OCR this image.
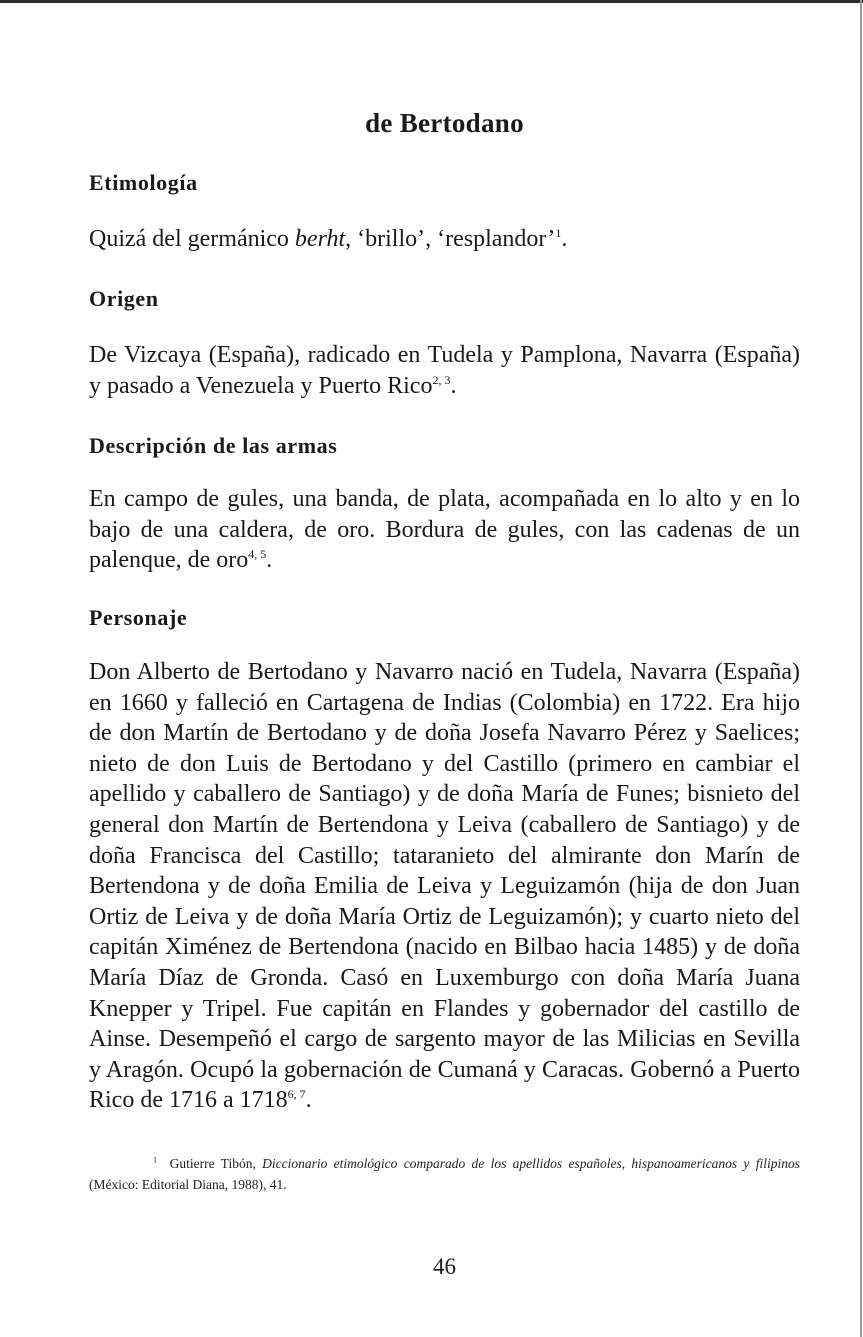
de Bertodano
Etimología
Quizá del germánico berht, ‘brillo’, ‘resplandor’$^1$.
Origen
De Vizcaya (España), radicado en Tudela y Pamplona, Navarra (España) y pasado a Venezuela y Puerto Rico$^{2, 3}$.
Descripción de las armas
En campo de gules, una banda, de plata, acompañada en lo alto y en lo bajo de una caldera, de oro. Bordura de gules, con las cadenas de un palenque, de oro$^{4, 5}$.
Personaje
Don Alberto de Bertodano y Navarro nació en Tudela, Navarra (España) en 1660 y falleció en Cartagena de Indias (Colombia) en 1722. Era hijo de don Martín de Bertodano y de doña Josefa Navarro Pérez y Saelices; nieto de don Luis de Bertodano y del Castillo (primero en cambiar el apellido y caballero de Santiago) y de doña María de Funes; bisnieto del general don Martín de Bertendona y Leiva (caballero de Santiago) y de doña Francisca del Castillo; tataranieto del almirante don Marín de Bertendona y de doña Emilia de Leiva y Leguizamón (hija de don Juan Ortiz de Leiva y de doña María Ortiz de Leguizamón); y cuarto nieto del capitán Ximénez de Bertendona (nacido en Bilbao hacia 1485) y de doña María Díaz de Gronda. Casó en Luxemburgo con doña María Juana Knepper y Tripel. Fue capitán en Flandes y gobernador del castillo de Ainse. Desempeñó el cargo de sargento mayor de las Milicias en Sevilla y Aragón. Ocupó la gobernación de Cumaná y Caracas. Gobernó a Puerto Rico de 1716 a 1718$^{6, 7}$.
$^1$ Gutierre Tibón, Diccionario etimológico comparado de los apellidos españoles, hispanoamericanos y filipinos (México: Editorial Diana, 1988), 41.
46
